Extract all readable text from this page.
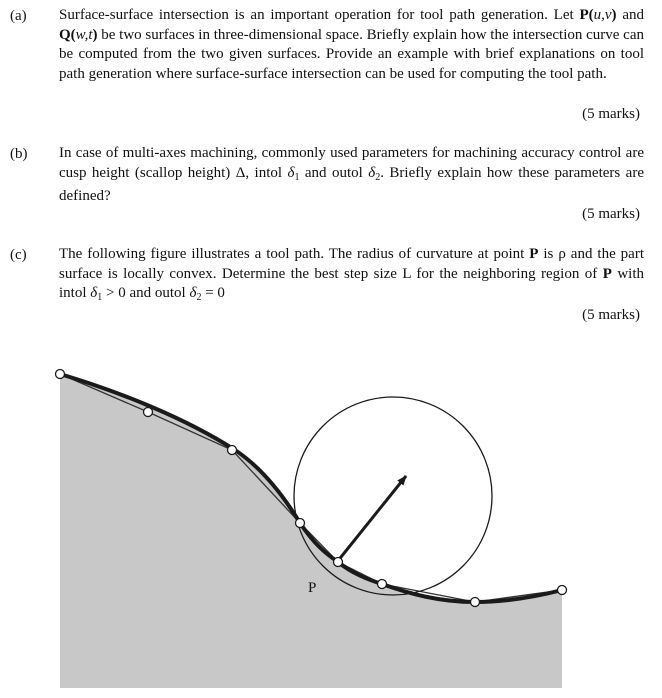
(a) Surface-surface intersection is an important operation for tool path generation. Let P(u,v) and Q(w,t) be two surfaces in three-dimensional space. Briefly explain how the intersection curve can be computed from the two given surfaces. Provide an example with brief explanations on tool path generation where surface-surface intersection can be used for computing the tool path.
(5 marks)
(b) In case of multi-axes machining, commonly used parameters for machining accuracy control are cusp height (scallop height) Δ, intol $\delta_1$ and outol $\delta_2$. Briefly explain how these parameters are defined?
(5 marks)
(c) The following figure illustrates a tool path. The radius of curvature at point P is ρ and the part surface is locally convex. Determine the best step size L for the neighboring region of P with intol $\delta_1 > 0$ and outol $\delta_2 = 0$
(5 marks)
P
